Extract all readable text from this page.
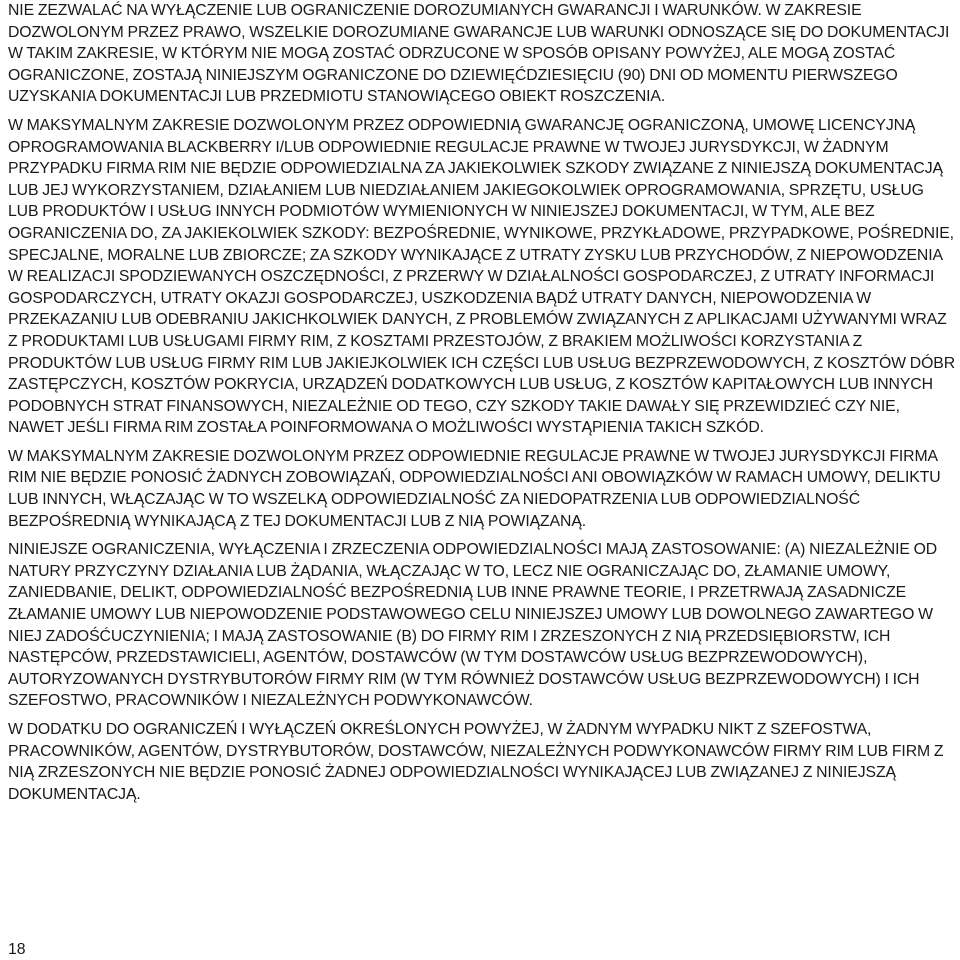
NIE ZEZWALAĆ NA WYŁĄCZENIE LUB OGRANICZENIE DOROZUMIANYCH GWARANCJI I WARUNKÓW. W ZAKRESIE DOZWOLONYM PRZEZ PRAWO, WSZELKIE DOROZUMIANE GWARANCJE LUB WARUNKI ODNOSZĄCE SIĘ DO DOKUMENTACJI W TAKIM ZAKRESIE, W KTÓRYM NIE MOGĄ ZOSTAĆ ODRZUCONE W SPOSÓB OPISANY POWYŻEJ, ALE MOGĄ ZOSTAĆ OGRANICZONE, ZOSTAJĄ NINIEJSZYM OGRANICZONE DO DZIEWIĘĆDZIESIĘCIU (90) DNI OD MOMENTU PIERWSZEGO UZYSKANIA DOKUMENTACJI LUB PRZEDMIOTU STANOWIĄCEGO OBIEKT ROSZCZENIA.

W MAKSYMALNYM ZAKRESIE DOZWOLONYM PRZEZ ODPOWIEDNIĄ GWARANCJĘ OGRANICZONĄ, UMOWĘ LICENCYJNĄ OPROGRAMOWANIA BLACKBERRY I/LUB ODPOWIEDNIE REGULACJE PRAWNE W TWOJEJ JURYSDYKCJI, W ŻADNYM PRZYPADKU FIRMA RIM NIE BĘDZIE ODPOWIEDZIALNA ZA JAKIEKOLWIEK SZKODY ZWIĄZANE Z NINIEJSZĄ DOKUMENTACJĄ LUB JEJ WYKORZYSTANIEM, DZIAŁANIEM LUB NIEDZIAŁANIEM JAKIEGOKOLWIEK OPROGRAMOWANIA, SPRZĘTU, USŁUG LUB PRODUKTÓW I USŁUG INNYCH PODMIOTÓW WYMIENIONYCH W NINIEJSZEJ DOKUMENTACJI, W TYM, ALE BEZ OGRANICZENIA DO, ZA JAKIEKOLWIEK SZKODY: BEZPOŚREDNIE, WYNIKOWE, PRZYKŁADOWE, PRZYPADKOWE, POŚREDNIE, SPECJALNE, MORALNE LUB ZBIORCZE; ZA SZKODY WYNIKAJĄCE Z UTRATY ZYSKU LUB PRZYCHODÓW, Z NIEPOWODZENIA W REALIZACJI SPODZIEWANYCH OSZCZĘDNOŚCI, Z PRZERWY W DZIAŁALNOŚCI GOSPODARCZEJ, Z UTRATY INFORMACJI GOSPODARCZYCH, UTRATY OKAZJI GOSPODARCZEJ, USZKODZENIA BĄDŹ UTRATY DANYCH, NIEPOWODZENIA W PRZEKAZANIU LUB ODEBRANIU JAKICHKOLWIEK DANYCH, Z PROBLEMÓW ZWIĄZANYCH Z APLIKACJAMI UŻYWANYMI WRAZ Z PRODUKTAMI LUB USŁUGAMI FIRMY RIM, Z KOSZTAMI PRZESTOJÓW, Z BRAKIEM MOŻLIWOŚCI KORZYSTANIA Z PRODUKTÓW LUB USŁUG FIRMY RIM LUB JAKIEJKOLWIEK ICH CZĘŚCI LUB USŁUG BEZPRZEWODOWYCH, Z KOSZTÓW DÓBR ZASTĘPCZYCH, KOSZTÓW POKRYCIA, URZĄDZEŃ DODATKOWYCH LUB USŁUG, Z KOSZTÓW KAPITAŁOWYCH LUB INNYCH PODOBNYCH STRAT FINANSOWYCH, NIEZALEŻNIE OD TEGO, CZY SZKODY TAKIE DAWAŁY SIĘ PRZEWIDZIEĆ CZY NIE, NAWET JEŚLI FIRMA RIM ZOSTAŁA POINFORMOWANA O MOŻLIWOŚCI WYSTĄPIENIA TAKICH SZKÓD.

W MAKSYMALNYM ZAKRESIE DOZWOLONYM PRZEZ ODPOWIEDNIE REGULACJE PRAWNE W TWOJEJ JURYSDYKCJI FIRMA RIM NIE BĘDZIE PONOSIĆ ŻADNYCH ZOBOWIĄZAŃ, ODPOWIEDZIALNOŚCI ANI OBOWIĄZKÓW W RAMACH UMOWY, DELIKTU LUB INNYCH, WŁĄCZAJĄC W TO WSZELKĄ ODPOWIEDZIALNOŚĆ ZA NIEDOPATRZENIA LUB ODPOWIEDZIALNOŚĆ BEZPOŚREDNIĄ WYNIKAJĄCĄ Z TEJ DOKUMENTACJI LUB Z NIĄ POWIĄZANĄ.

NINIEJSZE OGRANICZENIA, WYŁĄCZENIA I ZRZECZENIA ODPOWIEDZIALNOŚCI MAJĄ ZASTOSOWANIE: (A) NIEZALEŻNIE OD NATURY PRZYCZYNY DZIAŁANIA LUB ŻĄDANIA, WŁĄCZAJĄC W TO, LECZ NIE OGRANICZAJĄC DO, ZŁAMANIE UMOWY, ZANIEDBANIE, DELIKT, ODPOWIEDZIALNOŚĆ BEZPOŚREDNIĄ LUB INNE PRAWNE TEORIE, I PRZETRWAJĄ ZASADNICZE ZŁAMANIE UMOWY LUB NIEPOWODZENIE PODSTAWOWEGO CELU NINIEJSZEJ UMOWY LUB DOWOLNEGO ZAWARTEGO W NIEJ ZADOŚĆUCZYNIENIA; I MAJĄ ZASTOSOWANIE (B) DO FIRMY RIM I ZRZESZONYCH Z NIĄ PRZEDSIĘBIORSTW, ICH NASTĘPCÓW, PRZEDSTAWICIELI, AGENTÓW, DOSTAWCÓW (W TYM DOSTAWCÓW USŁUG BEZPRZEWODOWYCH), AUTORYZOWANYCH DYSTRYBUTORÓW FIRMY RIM (W TYM RÓWNIEŻ DOSTAWCÓW USŁUG BEZPRZEWODOWYCH) I ICH SZEFOSTWO, PRACOWNIKÓW I NIEZALEŻNYCH PODWYKONAWCÓW.

W DODATKU DO OGRANICZEŃ I WYŁĄCZEŃ OKREŚLONYCH POWYŻEJ, W ŻADNYM WYPADKU NIKT Z SZEFOSTWA, PRACOWNIKÓW, AGENTÓW, DYSTRYBUTORÓW, DOSTAWCÓW, NIEZALEŻNYCH PODWYKONAWCÓW FIRMY RIM LUB FIRM Z NIĄ ZRZESZONYCH NIE BĘDZIE PONOSIĆ ŻADNEJ ODPOWIEDZIALNOŚCI WYNIKAJĄCEJ LUB ZWIĄZANEJ Z NINIEJSZĄ DOKUMENTACJĄ.

18
